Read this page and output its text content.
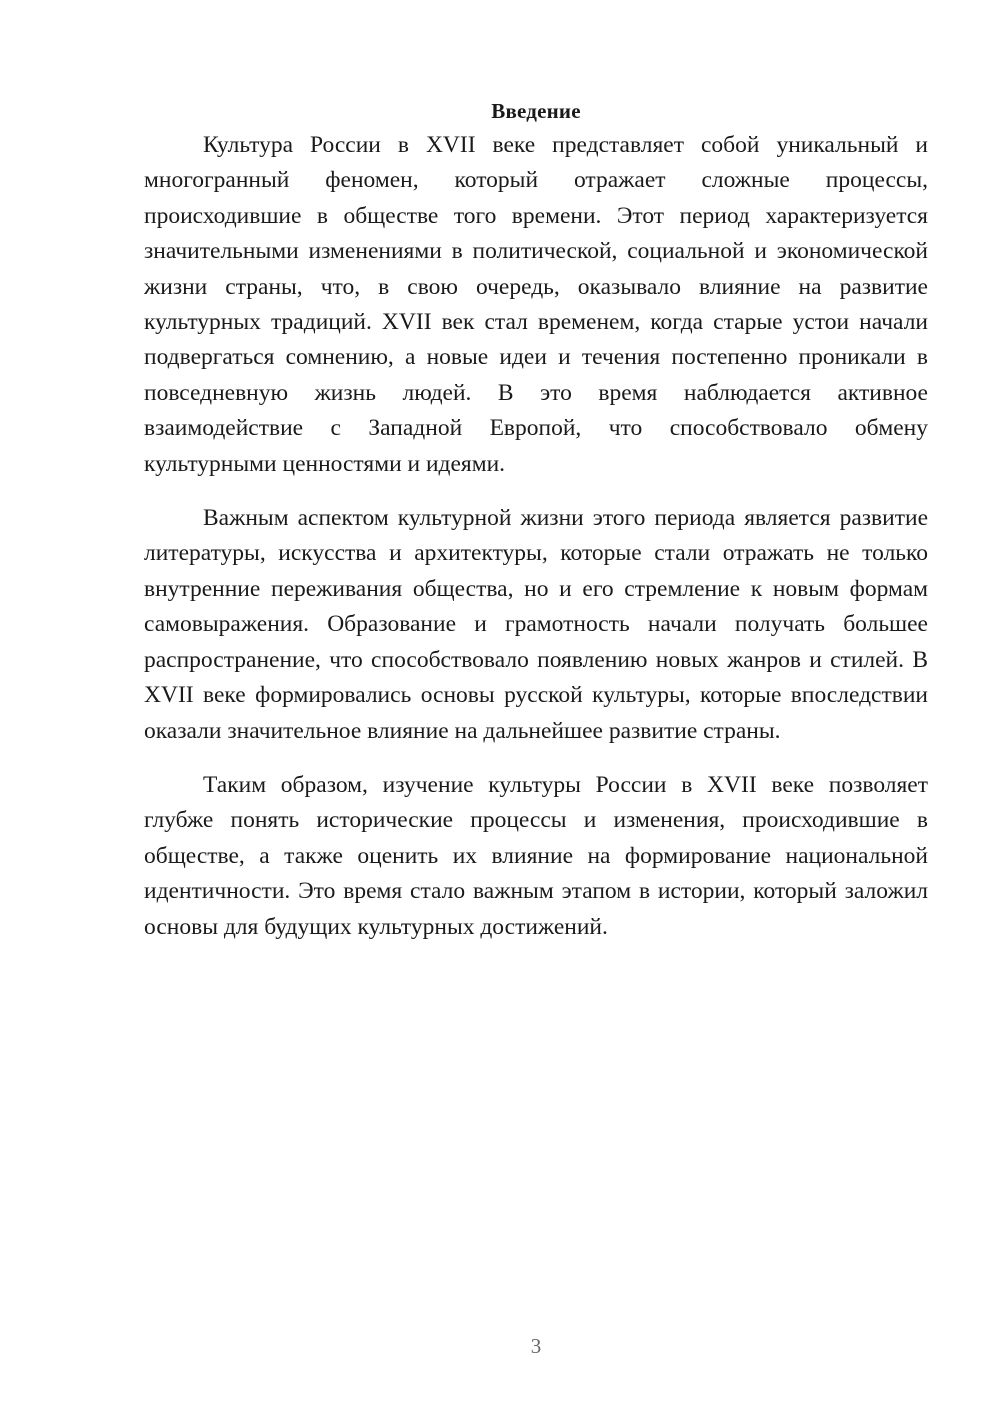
Введение

Культура России в XVII веке представляет собой уникальный и многогранный феномен, который отражает сложные процессы, происходившие в обществе того времени. Этот период характеризуется значительными изменениями в политической, социальной и экономической жизни страны, что, в свою очередь, оказывало влияние на развитие культурных традиций. XVII век стал временем, когда старые устои начали подвергаться сомнению, а новые идеи и течения постепенно проникали в повседневную жизнь людей. В это время наблюдается активное взаимодействие с Западной Европой, что способствовало обмену культурными ценностями и идеями.

Важным аспектом культурной жизни этого периода является развитие литературы, искусства и архитектуры, которые стали отражать не только внутренние переживания общества, но и его стремление к новым формам самовыражения. Образование и грамотность начали получать большее распространение, что способствовало появлению новых жанров и стилей. В XVII веке формировались основы русской культуры, которые впоследствии оказали значительное влияние на дальнейшее развитие страны.

Таким образом, изучение культуры России в XVII веке позволяет глубже понять исторические процессы и изменения, происходившие в обществе, а также оценить их влияние на формирование национальной идентичности. Это время стало важным этапом в истории, который заложил основы для будущих культурных достижений.

3
